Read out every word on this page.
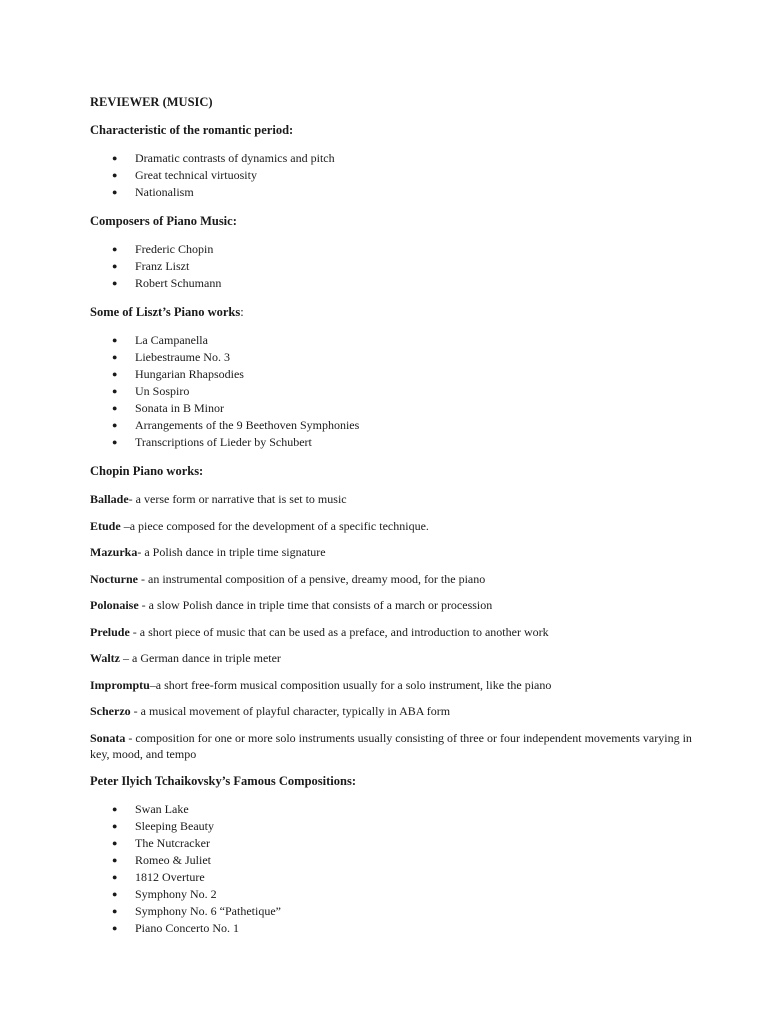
REVIEWER (MUSIC)
Characteristic of the romantic period:
● Dramatic contrasts of dynamics and pitch
● Great technical virtuosity
● Nationalism
Composers of Piano Music:
● Frederic Chopin
● Franz Liszt
● Robert Schumann
Some of Liszt’s Piano works:
● La Campanella
● Liebestraume No. 3
● Hungarian Rhapsodies
● Un Sospiro
● Sonata in B Minor
● Arrangements of the 9 Beethoven Symphonies
● Transcriptions of Lieder by Schubert
Chopin Piano works:

Ballade- a verse form or narrative that is set to music

Etude –a piece composed for the development of a specific technique.

Mazurka- a Polish dance in triple time signature

Nocturne - an instrumental composition of a pensive, dreamy mood, for the piano

Polonaise - a slow Polish dance in triple time that consists of a march or procession

Prelude - a short piece of music that can be used as a preface, and introduction to another work

Waltz – a German dance in triple meter

Impromptu–a short free-form musical composition usually for a solo instrument, like the piano

Scherzo - a musical movement of playful character, typically in ABA form

Sonata - composition for one or more solo instruments usually consisting of three or four independent movements varying in key, mood, and tempo

Peter Ilyich Tchaikovsky’s Famous Compositions:
● Swan Lake
● Sleeping Beauty
● The Nutcracker
● Romeo & Juliet
● 1812 Overture
● Symphony No. 2
● Symphony No. 6 “Pathetique”
● Piano Concerto No. 1
